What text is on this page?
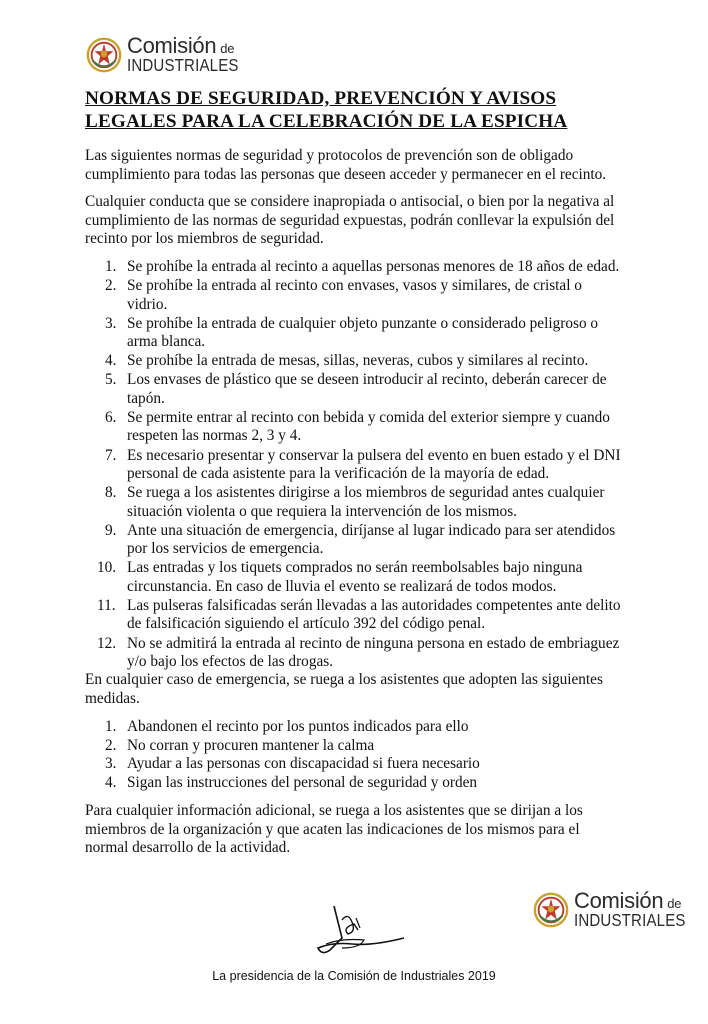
Comisión de
INDUSTRIALES
NORMAS DE SEGURIDAD, PREVENCIÓN Y AVISOS LEGALES PARA LA CELEBRACIÓN DE LA ESPICHA
Las siguientes normas de seguridad y protocolos de prevención son de obligado cumplimiento para todas las personas que deseen acceder y permanecer en el recinto.
Cualquier conducta que se considere inapropiada o antisocial, o bien por la negativa al cumplimiento de las normas de seguridad expuestas, podrán conllevar la expulsión del recinto por los miembros de seguridad.
1. Se prohíbe la entrada al recinto a aquellas personas menores de 18 años de edad.
2. Se prohíbe la entrada al recinto con envases, vasos y similares, de cristal o vidrio.
3. Se prohíbe la entrada de cualquier objeto punzante o considerado peligroso o arma blanca.
4. Se prohíbe la entrada de mesas, sillas, neveras, cubos y similares al recinto.
5. Los envases de plástico que se deseen introducir al recinto, deberán carecer de tapón.
6. Se permite entrar al recinto con bebida y comida del exterior siempre y cuando respeten las normas 2, 3 y 4.
7. Es necesario presentar y conservar la pulsera del evento en buen estado y el DNI personal de cada asistente para la verificación de la mayoría de edad.
8. Se ruega a los asistentes dirigirse a los miembros de seguridad antes cualquier situación violenta o que requiera la intervención de los mismos.
9. Ante una situación de emergencia, diríjanse al lugar indicado para ser atendidos por los servicios de emergencia.
10. Las entradas y los tiquets comprados no serán reembolsables bajo ninguna circunstancia. En caso de lluvia el evento se realizará de todos modos.
11. Las pulseras falsificadas serán llevadas a las autoridades competentes ante delito de falsificación siguiendo el artículo 392 del código penal.
12. No se admitirá la entrada al recinto de ninguna persona en estado de embriaguez y/o bajo los efectos de las drogas.
En cualquier caso de emergencia, se ruega a los asistentes que adopten las siguientes medidas.
1. Abandonen el recinto por los puntos indicados para ello
2. No corran y procuren mantener la calma
3. Ayudar a las personas con discapacidad si fuera necesario
4. Sigan las instrucciones del personal de seguridad y orden
Para cualquier información adicional, se ruega a los asistentes que se dirijan a los miembros de la organización y que acaten las indicaciones de los mismos para el normal desarrollo de la actividad.
Comisión de
INDUSTRIALES
La presidencia de la Comisión de Industriales 2019
